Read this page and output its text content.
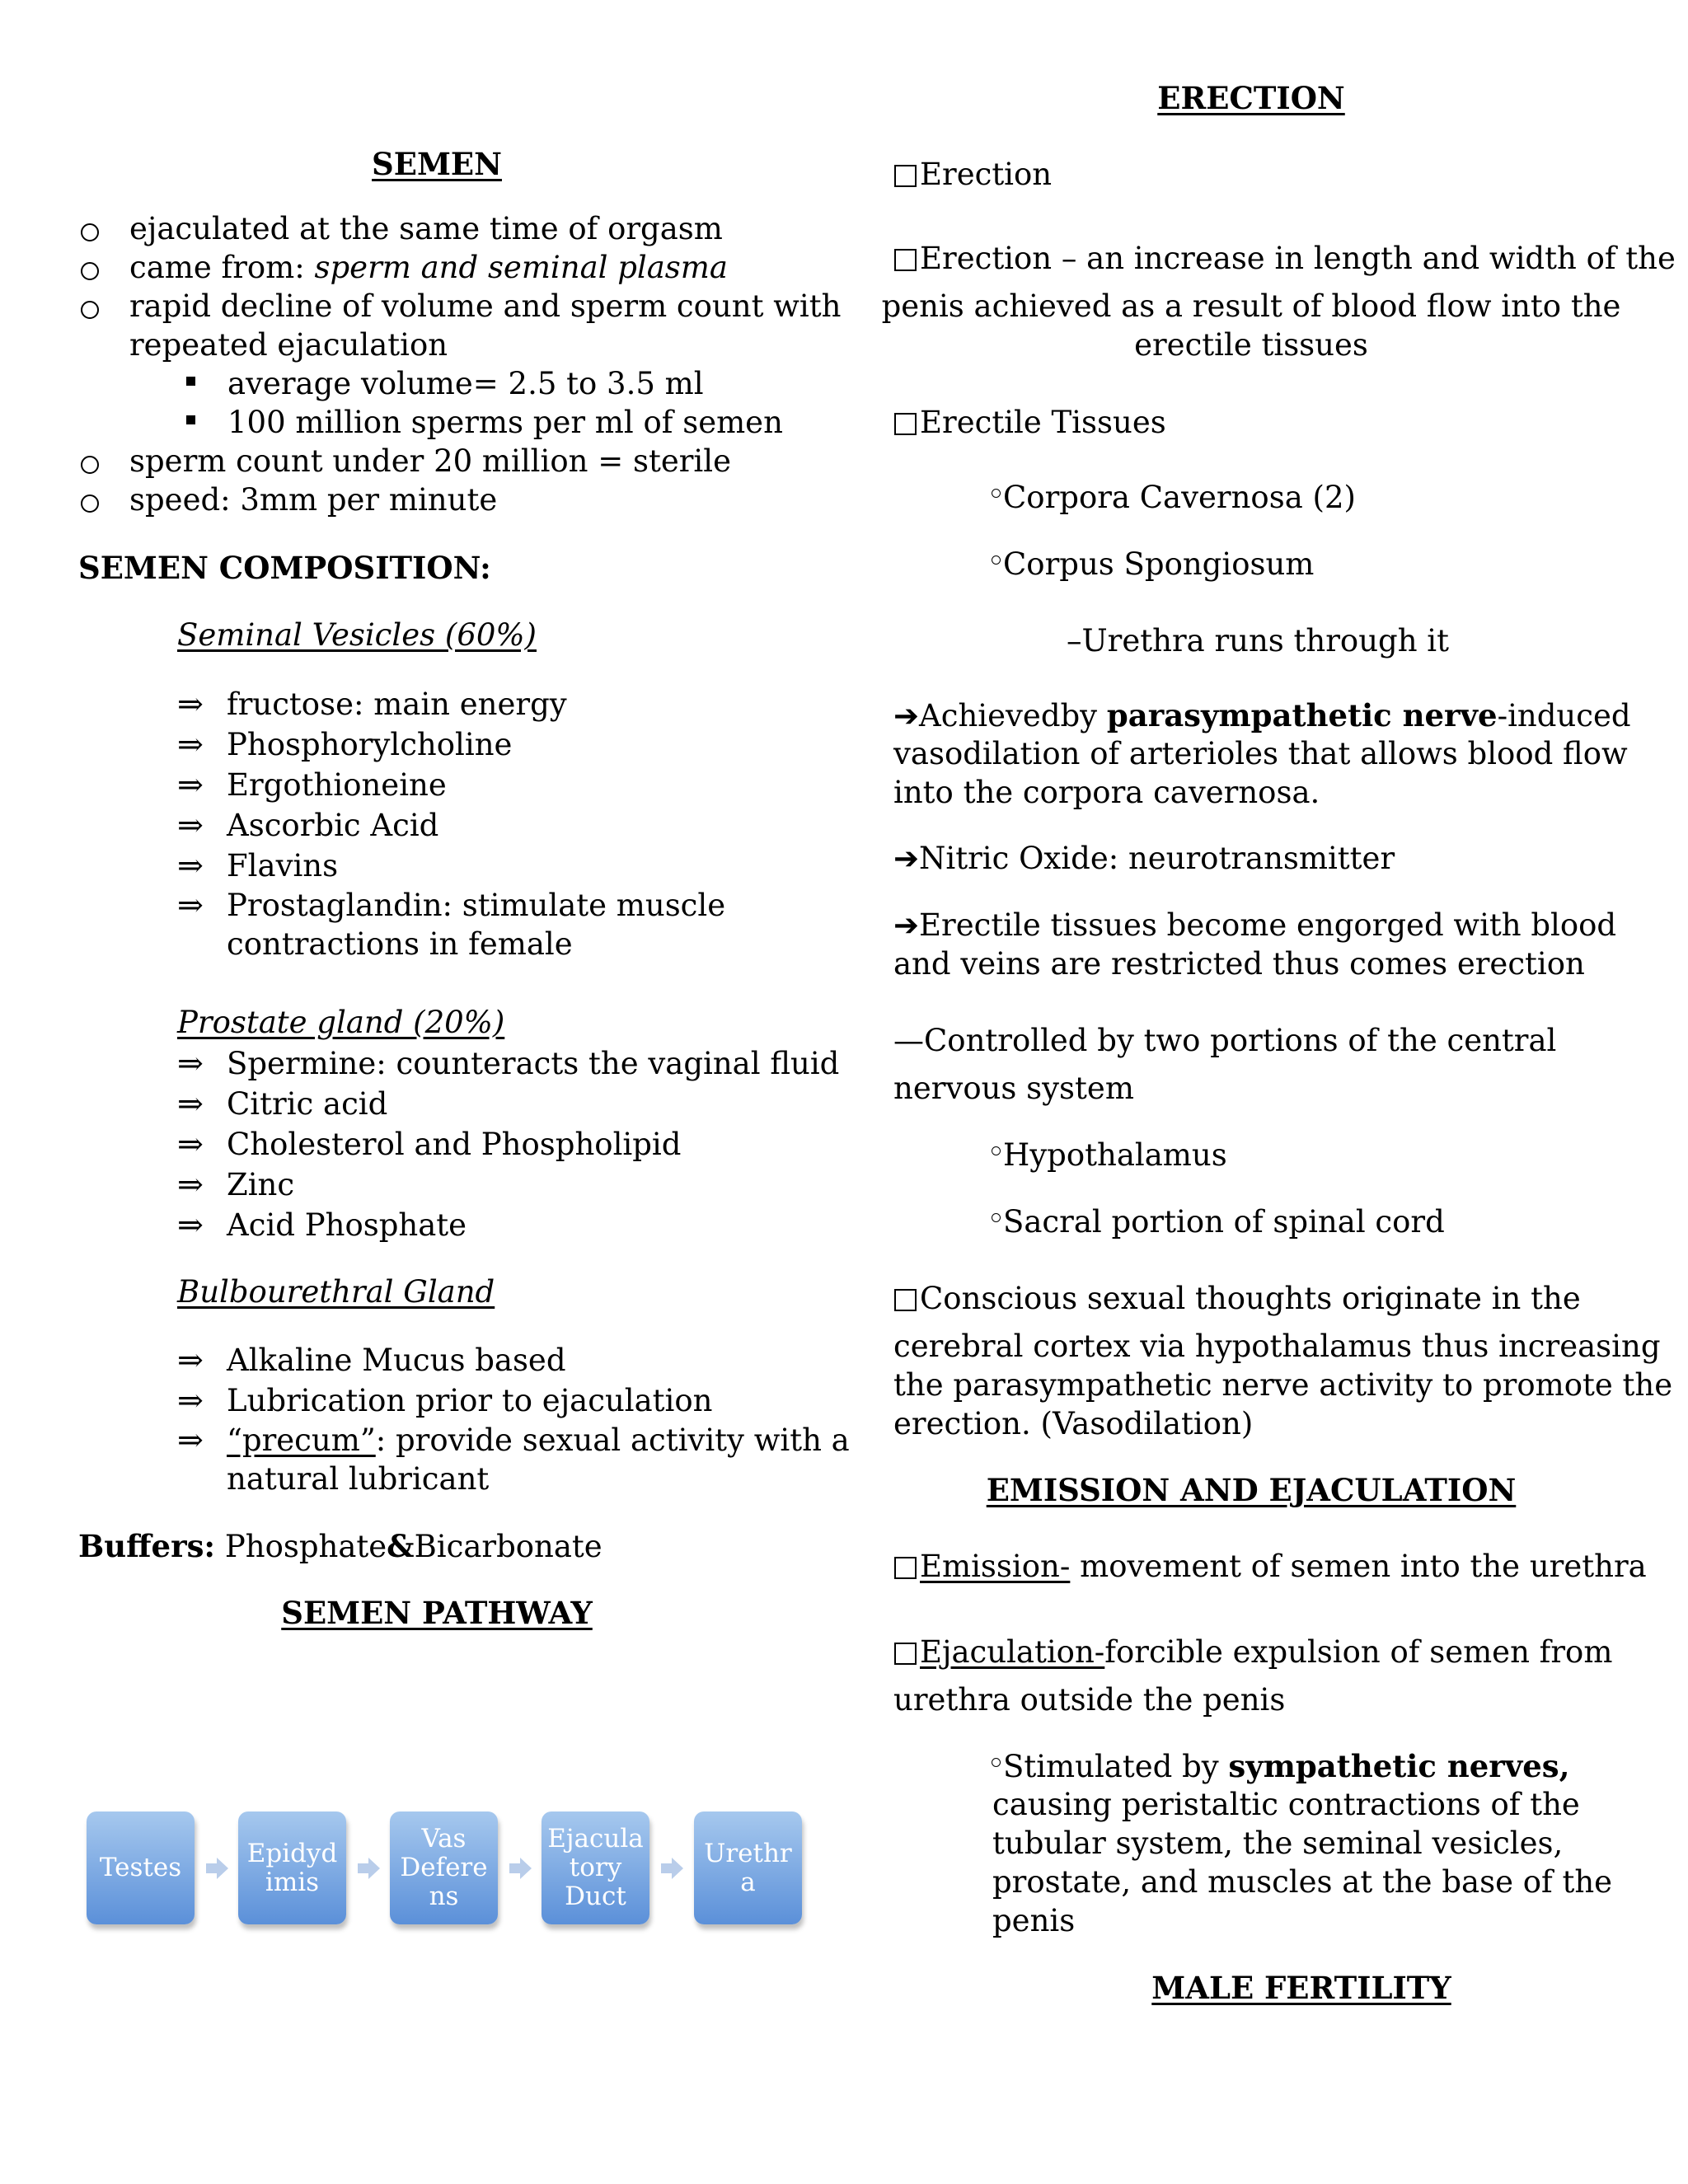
SEMEN
ejaculated at the same time of orgasm
came from: sperm and seminal plasma
rapid decline of volume and sperm count with
repeated ejaculation
average volume= 2.5 to 3.5 ml
100 million sperms per ml of semen
sperm count under 20 million = sterile
speed: 3mm per minute
SEMEN COMPOSITION:
Seminal Vesicles (60%)
⇒ fructose: main energy
⇒ Phosphorylcholine
⇒ Ergothioneine
⇒ Ascorbic Acid
⇒ Flavins
⇒ Prostaglandin: stimulate muscle
contractions in female
Prostate gland (20%)
⇒ Spermine: counteracts the vaginal fluid
⇒ Citric acid
⇒ Cholesterol and Phospholipid
⇒ Zinc
⇒ Acid Phosphate
Bulbourethral Gland
⇒ Alkaline Mucus based
⇒ Lubrication prior to ejaculation
⇒ “precum”: provide sexual activity with a
natural lubricant
Buffers: Phosphate&Bicarbonate
SEMEN PATHWAY
Testes	Epidyd imis
Vas Defere ns
Ejacula tory Duct
Urethr a
ERECTION
Erection
Erection – an increase in length and width of the
penis achieved as a result of blood flow into the
erectile tissues
Erectile Tissues
Corpora Cavernosa (2)
Corpus Spongiosum
–Urethra runs through it
➔Achievedby parasympathetic nerve-induced
vasodilation of arterioles that allows blood flow
into the corpora cavernosa.
➔Nitric Oxide: neurotransmitter
➔Erectile tissues become engorged with blood
and veins are restricted thus comes erection
—Controlled by two portions of the central
nervous system
Hypothalamus
Sacral portion of spinal cord
Conscious sexual thoughts originate in the
cerebral cortex via hypothalamus thus increasing
the parasympathetic nerve activity to promote the
erection. (Vasodilation)
EMISSION AND EJACULATION
Emission- movement of semen into the urethra
Ejaculation-forcible expulsion of semen from
urethra outside the penis
Stimulated by sympathetic nerves,
causing peristaltic contractions of the
tubular system, the seminal vesicles,
prostate, and muscles at the base of the
penis
MALE FERTILITY
